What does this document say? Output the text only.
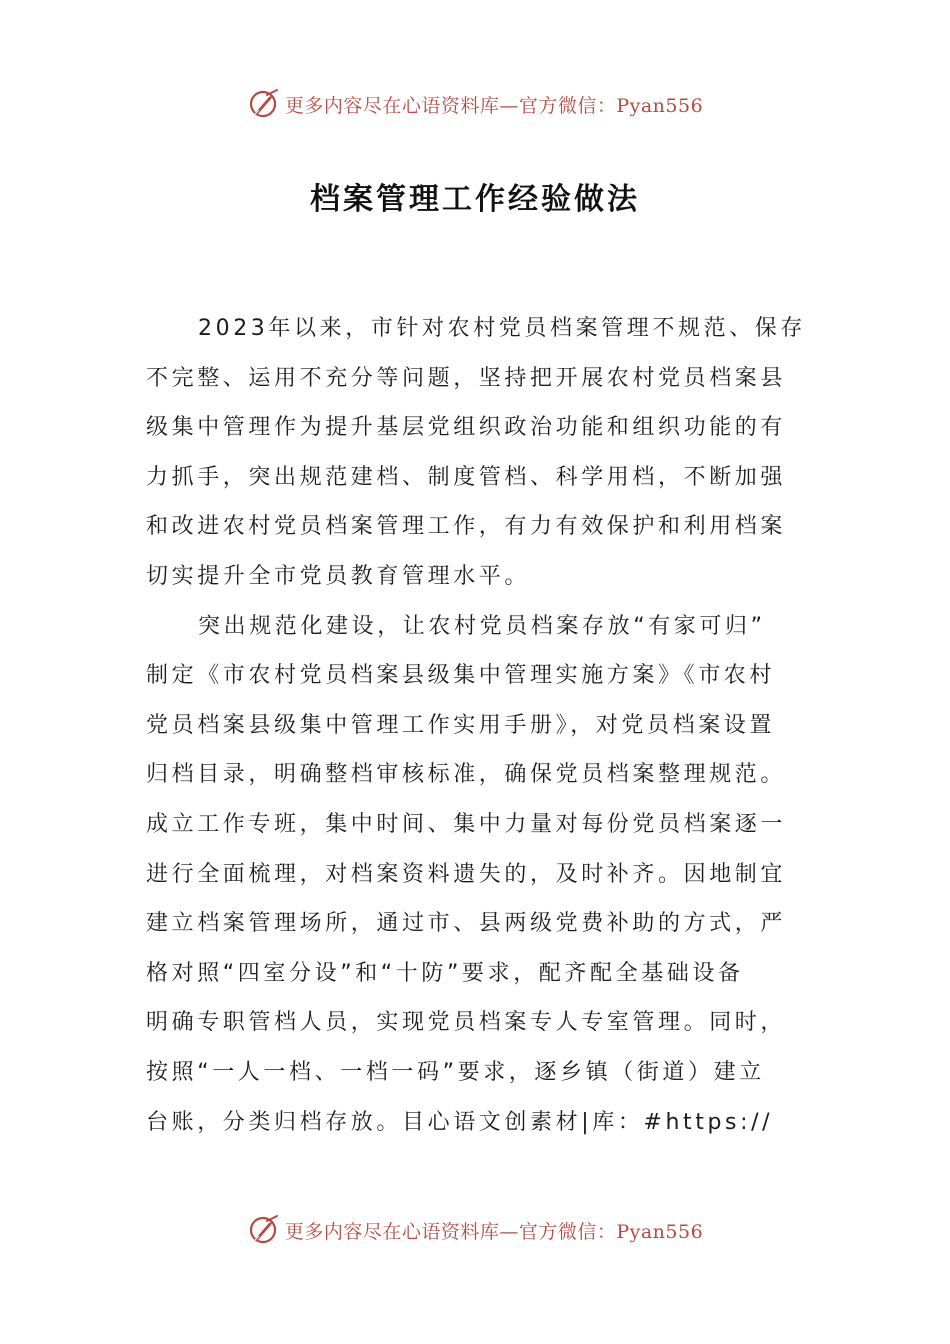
更多内容尽在心语资料库—官方微信：Pyan556
档案管理工作经验做法
2023年以来，市针对农村党员档案管理不规范、保存
不完整、运用不充分等问题，坚持把开展农村党员档案县
级集中管理作为提升基层党组织政治功能和组织功能的有
力抓手，突出规范建档、制度管档、科学用档，不断加强
和改进农村党员档案管理工作，有力有效保护和利用档案
切实提升全市党员教育管理水平。
突出规范化建设，让农村党员档案存放“有家可归”
制定《市农村党员档案县级集中管理实施方案》《市农村
党员档案县级集中管理工作实用手册》，对党员档案设置
归档目录，明确整档审核标准，确保党员档案整理规范。
成立工作专班，集中时间、集中力量对每份党员档案逐一
进行全面梳理，对档案资料遗失的，及时补齐。因地制宜
建立档案管理场所，通过市、县两级党费补助的方式，严
格对照“四室分设”和“十防”要求，配齐配全基础设备
明确专职管档人员，实现党员档案专人专室管理。同时，
按照“一人一档、一档一码”要求，逐乡镇（街道）建立
台账，分类归档存放。目心语文创素材|库：#https://
更多内容尽在心语资料库—官方微信：Pyan556
